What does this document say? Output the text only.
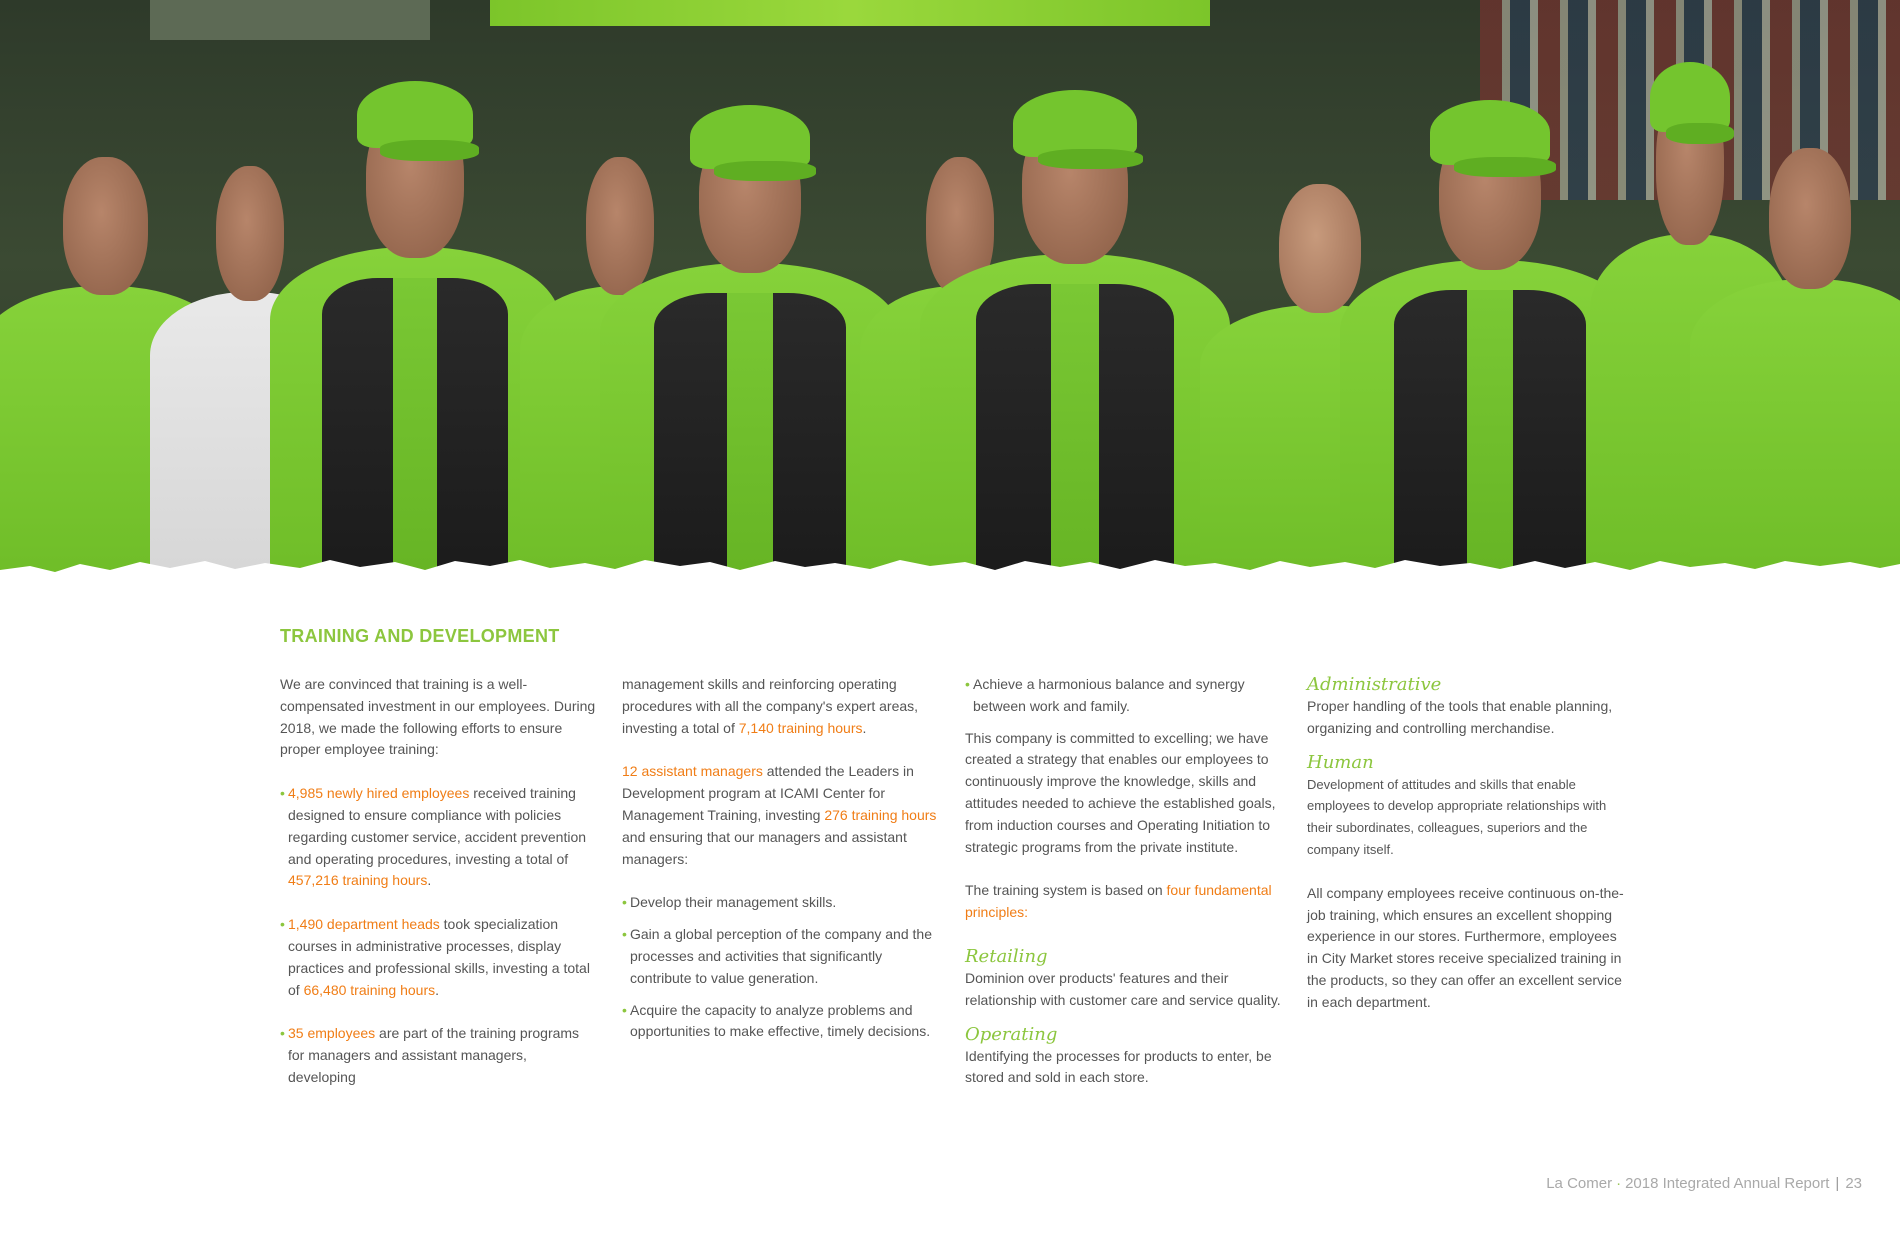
TRAINING AND DEVELOPMENT

We are convinced that training is a well-compensated investment in our employees. During 2018, we made the following efforts to ensure proper employee training:

• 4,985 newly hired employees received training designed to ensure compliance with policies regarding customer service, accident prevention and operating procedures, investing a total of 457,216 training hours.
• 1,490 department heads took specialization courses in administrative processes, display practices and professional skills, investing a total of 66,480 training hours.
• 35 employees are part of the training programs for managers and assistant managers, developing

management skills and reinforcing operating procedures with all the company's expert areas, investing a total of 7,140 training hours.

12 assistant managers attended the Leaders in Development program at ICAMI Center for Management Training, investing 276 training hours and ensuring that our managers and assistant managers:
• Develop their management skills.
• Gain a global perception of the company and the processes and activities that significantly contribute to value generation.
• Acquire the capacity to analyze problems and opportunities to make effective, timely decisions.
• Achieve a harmonious balance and synergy between work and family.

This company is committed to excelling; we have created a strategy that enables our employees to continuously improve the knowledge, skills and attitudes needed to achieve the established goals, from induction courses and Operating Initiation to strategic programs from the private institute.

The training system is based on four fundamental principles:

Retailing

Dominion over products' features and their relationship with customer care and service quality.

Operating

Identifying the processes for products to enter, be stored and sold in each store.

Administrative

Proper handling of the tools that enable planning, organizing and controlling merchandise.

Human

Development of attitudes and skills that enable employees to develop appropriate relationships with their subordinates, colleagues, superiors and the company itself.

All company employees receive continuous on-the-job training, which ensures an excellent shopping experience in our stores. Furthermore, employees in City Market stores receive specialized training in the products, so they can offer an excellent service in each department.

La Comer · 2018 Integrated Annual Report | 23
